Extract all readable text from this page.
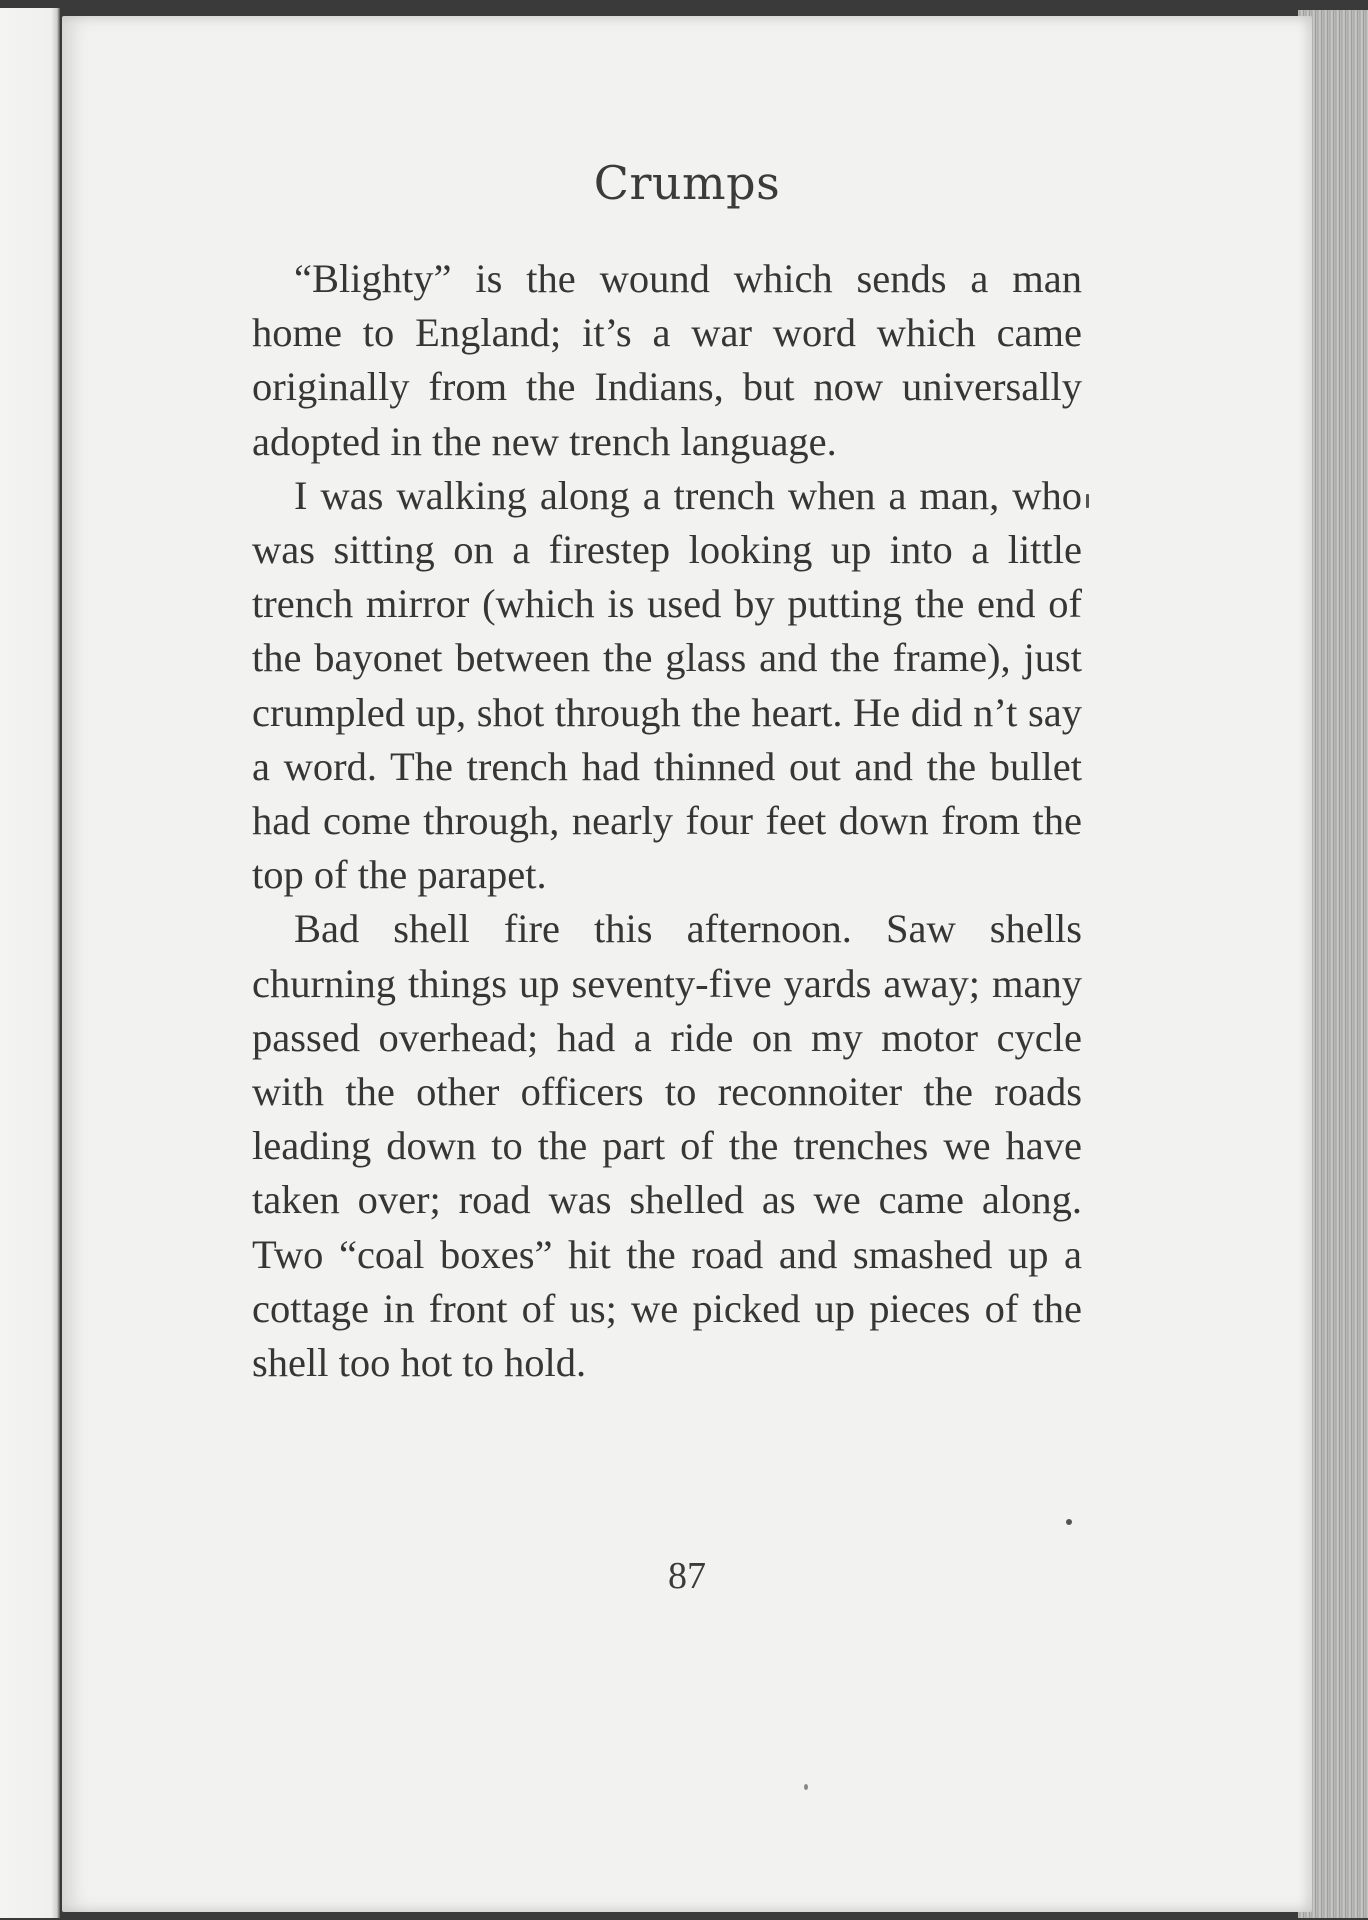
Crumps

“Blighty” is the wound which sends a man home to England; it’s a war word which came originally from the Indians, but now universally adopted in the new trench language.

I was walking along a trench when a man, who was sitting on a firestep looking up into a little trench mirror (which is used by putting the end of the bayonet between the glass and the frame), just crumpled up, shot through the heart. He did n’t say a word. The trench had thinned out and the bullet had come through, nearly four feet down from the top of the parapet.

Bad shell fire this afternoon. Saw shells churning things up seventy-five yards away; many passed overhead; had a ride on my motor cycle with the other officers to reconnoiter the roads leading down to the part of the trenches we have taken over; road was shelled as we came along. Two “coal boxes” hit the road and smashed up a cottage in front of us; we picked up pieces of the shell too hot to hold.

87
